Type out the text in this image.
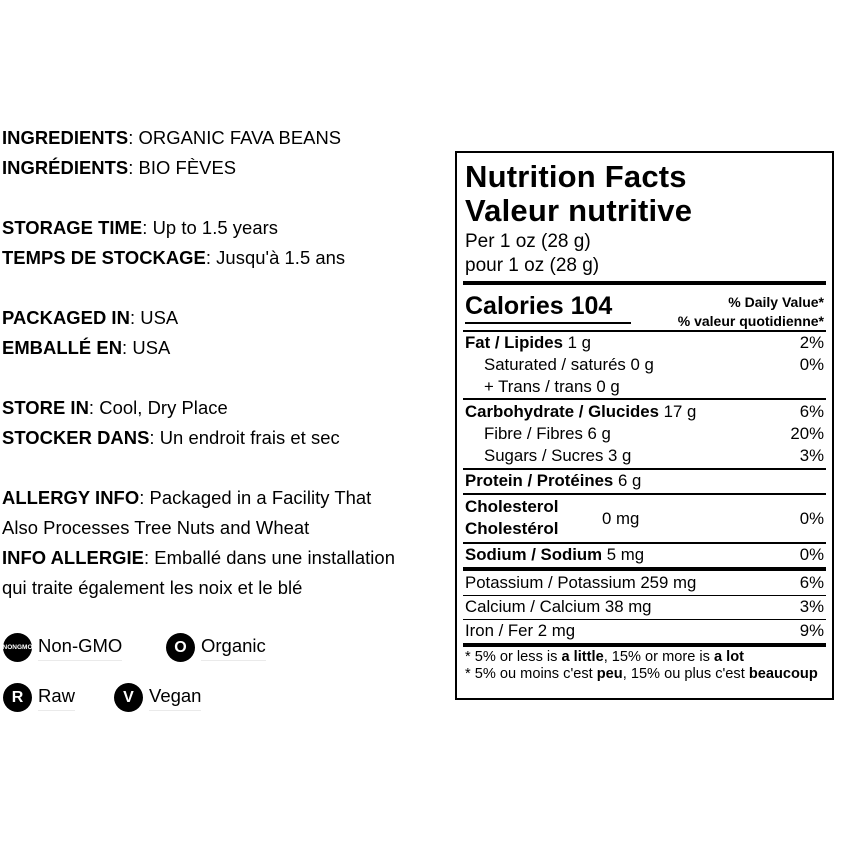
INGREDIENTS: ORGANIC FAVA BEANS
INGRÉDIENTS: BIO FÈVES
STORAGE TIME: Up to 1.5 years
TEMPS DE STOCKAGE: Jusqu'à 1.5 ans
PACKAGED IN: USA
EMBALLÉ EN: USA
STORE IN: Cool, Dry Place
STOCKER DANS: Un endroit frais et sec
ALLERGY INFO: Packaged in a Facility That
Also Processes Tree Nuts and Wheat
INFO ALLERGIE: Emballé dans une installation
qui traite également les noix et le blé
NON GMO Non-GMO	O Organic
R Raw	V Vegan
Nutrition Facts
Valeur nutritive
Per 1 oz (28 g)
pour 1 oz (28 g)
Calories 104	% Daily Value*
% valeur quotidienne*
Fat / Lipides 1 g	2%
Saturated / saturés 0 g	0%
+ Trans / trans 0 g
Carbohydrate / Glucides 17 g	6%
Fibre / Fibres 6 g	20%
Sugars / Sucres 3 g	3%
Protein / Protéines 6 g
Cholesterol
Cholestérol
0 mg	0%
Sodium / Sodium 5 mg	0%
Potassium / Potassium 259 mg	6%
Calcium / Calcium 38 mg	3%
Iron / Fer 2 mg	9%
* 5% or less is a little, 15% or more is a lot
* 5% ou moins c'est peu, 15% ou plus c'est beaucoup
